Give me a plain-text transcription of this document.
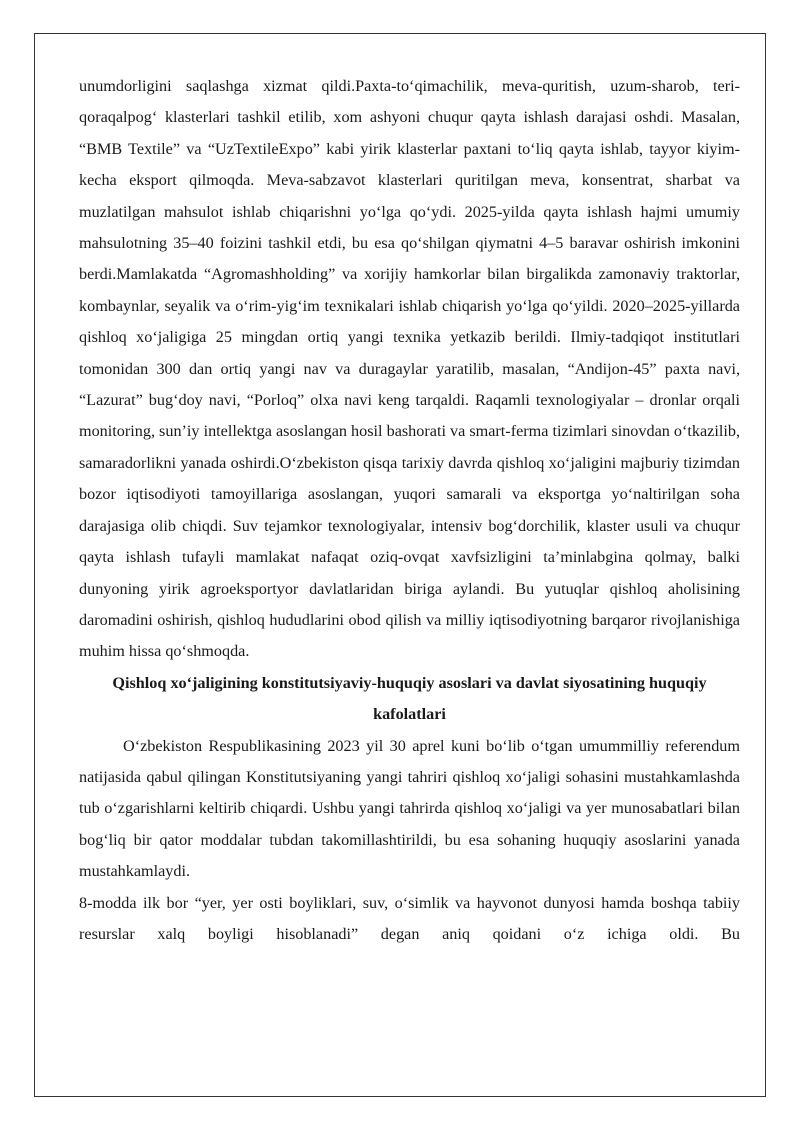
unumdorligini saqlashga xizmat qildi.Paxta-to‘qimachilik, meva-quritish, uzum-sharob, teri-qoraqalpog‘ klasterlari tashkil etilib, xom ashyoni chuqur qayta ishlash darajasi oshdi. Masalan, “BMB Textile” va “UzTextileExpo” kabi yirik klasterlar paxtani to‘liq qayta ishlab, tayyor kiyim-kecha eksport qilmoqda. Meva-sabzavot klasterlari quritilgan meva, konsentrat, sharbat va muzlatilgan mahsulot ishlab chiqarishni yo‘lga qo‘ydi. 2025-yilda qayta ishlash hajmi umumiy mahsulotning 35–40 foizini tashkil etdi, bu esa qo‘shilgan qiymatni 4–5 baravar oshirish imkonini berdi.Mamlakatda “Agromashholding” va xorijiy hamkorlar bilan birgalikda zamonaviy traktorlar, kombaynlar, seyalik va o‘rim-yig‘im texnikalari ishlab chiqarish yo‘lga qo‘yildi. 2020–2025-yillarda qishloq xo‘jaligiga 25 mingdan ortiq yangi texnika yetkazib berildi. Ilmiy-tadqiqot institutlari tomonidan 300 dan ortiq yangi nav va duragaylar yaratilib, masalan, “Andijon-45” paxta navi, “Lazurat” bug‘doy navi, “Porloq” olxa navi keng tarqaldi. Raqamli texnologiyalar – dronlar orqali monitoring, sun’iy intellektga asoslangan hosil bashorati va smart-ferma tizimlari sinovdan o‘tkazilib, samaradorlikni yanada oshirdi.O‘zbekiston qisqa tarixiy davrda qishloq xo‘jaligini majburiy tizimdan bozor iqtisodiyoti tamoyillariga asoslangan, yuqori samarali va eksportga yo‘naltirilgan soha darajasiga olib chiqdi. Suv tejamkor texnologiyalar, intensiv bog‘dorchilik, klaster usuli va chuqur qayta ishlash tufayli mamlakat nafaqat oziq-ovqat xavfsizligini ta’minlabgina qolmay, balki dunyoning yirik agroeksportyor davlatlaridan biriga aylandi. Bu yutuqlar qishloq aholisining daromadini oshirish, qishloq hududlarini obod qilish va milliy iqtisodiyotning barqaror rivojlanishiga muhim hissa qo‘shmoqda.

Qishloq xo‘jaligining konstitutsiyaviy-huquqiy asoslari va davlat siyosatining huquqiy kafolatlari

O‘zbekiston Respublikasining 2023 yil 30 aprel kuni bo‘lib o‘tgan umummilliy referendum natijasida qabul qilingan Konstitutsiyaning yangi tahriri qishloq xo‘jaligi sohasini mustahkamlashda tub o‘zgarishlarni keltirib chiqardi. Ushbu yangi tahrirda qishloq xo‘jaligi va yer munosabatlari bilan bog‘liq bir qator moddalar tubdan takomillashtirildi, bu esa sohaning huquqiy asoslarini yanada mustahkamlaydi.

8-modda ilk bor “yer, yer osti boyliklari, suv, o‘simlik va hayvonot dunyosi hamda boshqa tabiiy resurslar xalq boyligi hisoblanadi” degan aniq qoidani o‘z ichiga oldi. Bu
